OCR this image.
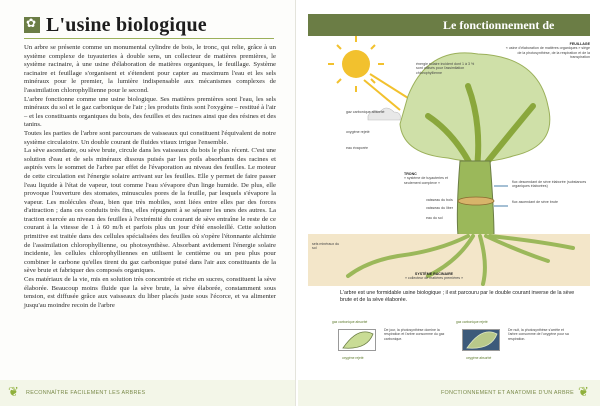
✿
L'usine biologique

Un arbre se présente comme un monumental cylindre de bois, le tronc, qui relie, grâce à un système complexe de tuyauteries à double sens, un collecteur de matières premières, le système racinaire, à une usine d'élaboration de matières organiques, le feuillage. Système racinaire et feuillage s'organisent et s'étendent pour capter au maximum l'eau et les sels minéraux pour le premier, la lumière indispensable aux mécanismes complexes de l'assimilation chlorophyllienne pour le second.

L'arbre fonctionne comme une usine biologique. Ses matières premières sont l'eau, les sels minéraux du sol et le gaz carbonique de l'air ; les produits finis sont l'oxygène – restitué à l'air – et les constituants organiques du bois, des feuilles et des racines ainsi que des résines et des tanins.

Toutes les parties de l'arbre sont parcourues de vaisseaux qui constituent l'équivalent de notre système circulatoire. Un double courant de fluides vitaux irrigue l'ensemble.

La sève ascendante, ou sève brute, circule dans les vaisseaux du bois le plus récent. C'est une solution d'eau et de sels minéraux dissous puisés par les poils absorbants des racines et aspirés vers le sommet de l'arbre par effet de l'évaporation au niveau des feuilles. Le moteur de cette circulation est l'énergie solaire arrivant sur les feuilles. Elle y permet de faire passer l'eau liquide à l'état de vapeur, tout comme l'eau s'évapore d'un linge humide. De plus, elle provoque l'ouverture des stomates, minuscules pores de la feuille, par lesquels s'évapore la vapeur. Les molécules d'eau, bien que très mobiles, sont liées entre elles par des forces d'attraction ; dans ces conduits très fins, elles répugnent à se séparer les unes des autres. La traction exercée au niveau des feuilles à l'extrémité du courant de sève entraîne le reste de ce courant à la vitesse de 1 à 60 m/h et parfois plus un jour d'été ensoleillé. Cette solution primitive est traitée dans des cellules spécialisées des feuilles où s'opère l'étonnante alchimie de l'assimilation chlorophyllienne, ou photosynthèse. Absorbant avidement l'énergie solaire incidente, les cellules chlorophylliennes en utilisent le centième ou un peu plus pour combiner le carbone qu'elles tirent du gaz carbonique puisé dans l'air aux constituants de la sève brute et fabriquer des composés organiques.

Ces matériaux de la vie, mis en solution très concentrée et riche en sucres, constituent la sève élaborée. Beaucoup moins fluide que la sève brute, la sève élaborée, constamment sous tension, est diffusée grâce aux vaisseaux du liber placés juste sous l'écorce, et va alimenter jusqu'au moindre recoin de l'arbre

❦
RECONNAÎTRE FACILEMENT LES ARBRES
Le fonctionnement de l'arbre	FEUILLAGE
« usine d'élaboration de matières organiques » siège de la photosynthèse, de la respiration et de la transpiration
énergie solaire incident dont 1 à 3 % sont utilisés pour l'assimilation chlorophyllienne
gaz carbonique absorbé
oxygène rejeté
eau évaporée
TRONC
« système de tuyauteries et seulement complexe »
vaisseau du bois
vaisseau du liber
eau du sol
flux descendant de sève élaborée (substances organiques élaborées)
flux ascendant de sève brute
sels minéraux du sol
SYSTÈME RACINAIRE
« collecteur de matières premières »

L'arbre est une formidable usine biologique ; il est parcouru par le double courant inverse de la sève brute et de la sève élaborée.

gaz carbonique absorbé
oxygène rejeté

De jour, la photosynthèse domine la respiration et l'arbre consomme du gaz carbonique.

gaz carbonique rejeté
oxygène absorbé

De nuit, la photosynthèse s'arrête et l'arbre consomme de l'oxygène pour sa respiration.

FONCTIONNEMENT ET ANATOMIE D'UN ARBRE
❦
